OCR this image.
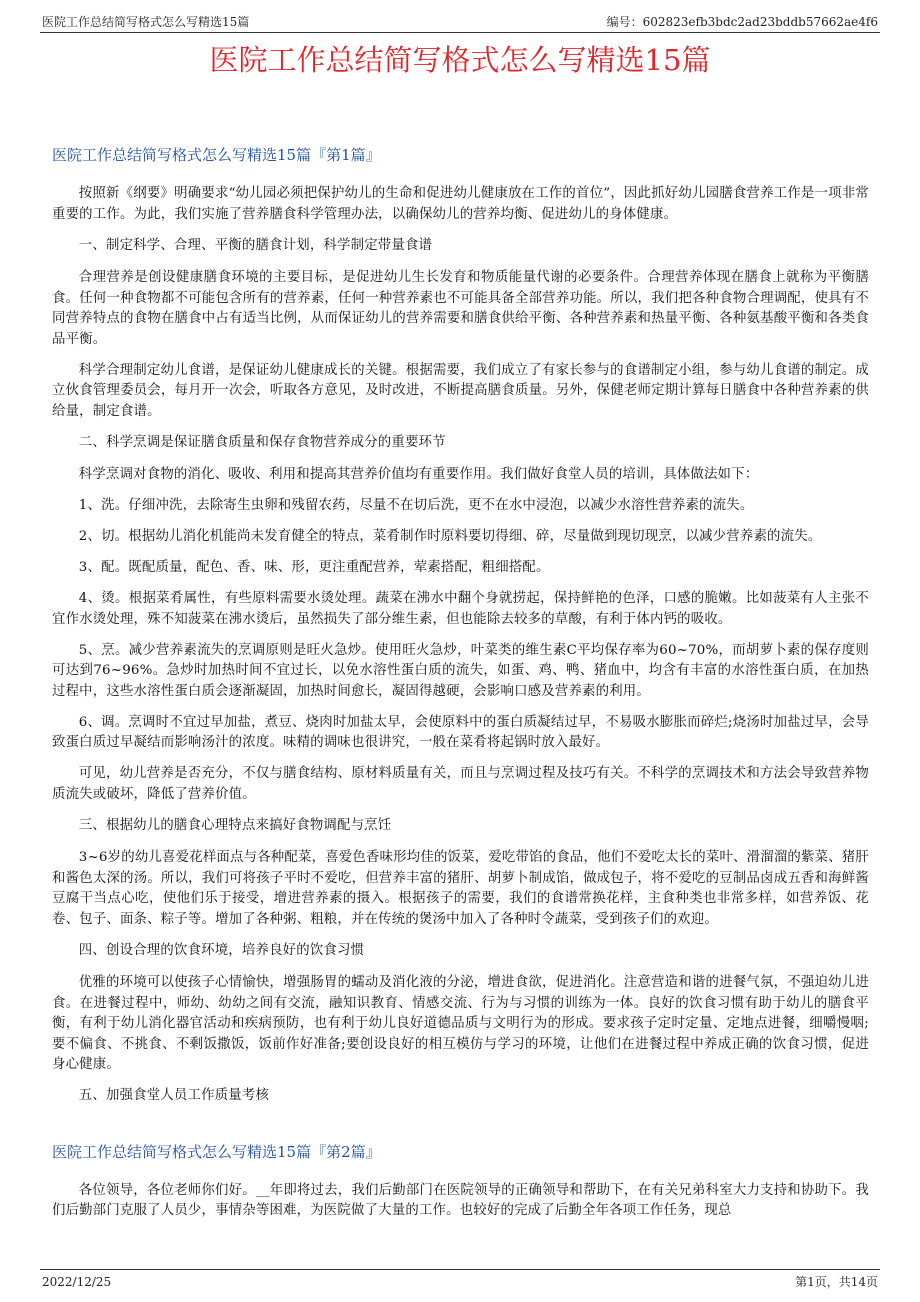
医院工作总结简写格式怎么写精选15篇	编号：602823efb3bdc2ad23bddb57662ae4f6
医院工作总结简写格式怎么写精选15篇
医院工作总结简写格式怎么写精选15篇『第1篇』

按照新《纲要》明确要求“幼儿园必须把保护幼儿的生命和促进幼儿健康放在工作的首位”，因此抓好幼儿园膳食营养工作是一项非常重要的工作。为此，我们实施了营养膳食科学管理办法，以确保幼儿的营养均衡、促进幼儿的身体健康。

一、制定科学、合理、平衡的膳食计划，科学制定带量食谱

合理营养是创设健康膳食环境的主要目标，是促进幼儿生长发育和物质能量代谢的必要条件。合理营养体现在膳食上就称为平衡膳食。任何一种食物都不可能包含所有的营养素，任何一种营养素也不可能具备全部营养功能。所以，我们把各种食物合理调配，使具有不同营养特点的食物在膳食中占有适当比例，从而保证幼儿的营养需要和膳食供给平衡、各种营养素和热量平衡、各种氨基酸平衡和各类食品平衡。

科学合理制定幼儿食谱，是保证幼儿健康成长的关键。根据需要，我们成立了有家长参与的食谱制定小组，参与幼儿食谱的制定。成立伙食管理委员会，每月开一次会，听取各方意见，及时改进，不断提高膳食质量。另外，保健老师定期计算每日膳食中各种营养素的供给量，制定食谱。

二、科学烹调是保证膳食质量和保存食物营养成分的重要环节

科学烹调对食物的消化、吸收、利用和提高其营养价值均有重要作用。我们做好食堂人员的培训，具体做法如下：

1、洗。仔细冲洗，去除寄生虫卵和残留农药，尽量不在切后洗，更不在水中浸泡，以减少水溶性营养素的流失。

2、切。根据幼儿消化机能尚未发育健全的特点，菜肴制作时原料要切得细、碎，尽量做到现切现烹，以减少营养素的流失。

3、配。既配质量，配色、香、味、形，更注重配营养，荤素搭配，粗细搭配。

4、烫。根据菜肴属性，有些原料需要水烫处理。蔬菜在沸水中翻个身就捞起，保持鲜艳的色泽，口感的脆嫩。比如菠菜有人主张不宜作水烫处理，殊不知菠菜在沸水烫后，虽然损失了部分维生素，但也能除去较多的草酸，有利于体内钙的吸收。

5、烹。减少营养素流失的烹调原则是旺火急炒。使用旺火急炒，叶菜类的维生素C平均保存率为60~70%，而胡萝卜素的保存度则可达到76~96%。急炒时加热时间不宜过长，以免水溶性蛋白质的流失，如蛋、鸡、鸭、猪血中，均含有丰富的水溶性蛋白质，在加热过程中，这些水溶性蛋白质会逐渐凝固，加热时间愈长，凝固得越硬，会影响口感及营养素的利用。

6、调。烹调时不宜过早加盐，煮豆、烧肉时加盐太早，会使原料中的蛋白质凝结过早，不易吸水膨胀而碎烂;烧汤时加盐过早，会导致蛋白质过早凝结而影响汤汁的浓度。味精的调味也很讲究，一般在菜肴将起锅时放入最好。

可见，幼儿营养是否充分，不仅与膳食结构、原材料质量有关，而且与烹调过程及技巧有关。不科学的烹调技术和方法会导致营养物质流失或破坏，降低了营养价值。

三、根据幼儿的膳食心理特点来搞好食物调配与烹饪

3~6岁的幼儿喜爱花样面点与各种配菜，喜爱色香味形均佳的饭菜，爱吃带馅的食品，他们不爱吃太长的菜叶、滑溜溜的紫菜、猪肝和酱色太深的汤。所以，我们可将孩子平时不爱吃，但营养丰富的猪肝、胡萝卜制成馅，做成包子，将不爱吃的豆制品卤成五香和海鲜酱豆腐干当点心吃，使他们乐于接受，增进营养素的摄入。根据孩子的需要，我们的食谱常换花样，主食种类也非常多样，如营养饭、花卷、包子、面条、粽子等。增加了各种粥、粗粮，并在传统的煲汤中加入了各种时令蔬菜，受到孩子们的欢迎。

四、创设合理的饮食环境，培养良好的饮食习惯

优雅的环境可以使孩子心情愉快，增强肠胃的蠕动及消化液的分泌，增进食欲，促进消化。注意营造和谐的进餐气氛，不强迫幼儿进食。在进餐过程中，师幼、幼幼之间有交流，融知识教育、情感交流、行为与习惯的训练为一体。良好的饮食习惯有助于幼儿的膳食平衡，有利于幼儿消化器官活动和疾病预防，也有利于幼儿良好道德品质与文明行为的形成。要求孩子定时定量、定地点进餐，细嚼慢咽;要不偏食、不挑食、不剩饭撒饭，饭前作好准备;要创设良好的相互模仿与学习的环境，让他们在进餐过程中养成正确的饮食习惯，促进身心健康。

五、加强食堂人员工作质量考核

医院工作总结简写格式怎么写精选15篇『第2篇』

各位领导，各位老师你们好。__年即将过去，我们后勤部门在医院领导的正确领导和帮助下，在有关兄弟科室大力支持和协助下。我们后勤部门克服了人员少，事情杂等困难，为医院做了大量的工作。也较好的完成了后勤全年各项工作任务，现总

2022/12/25	第1页，共14页
